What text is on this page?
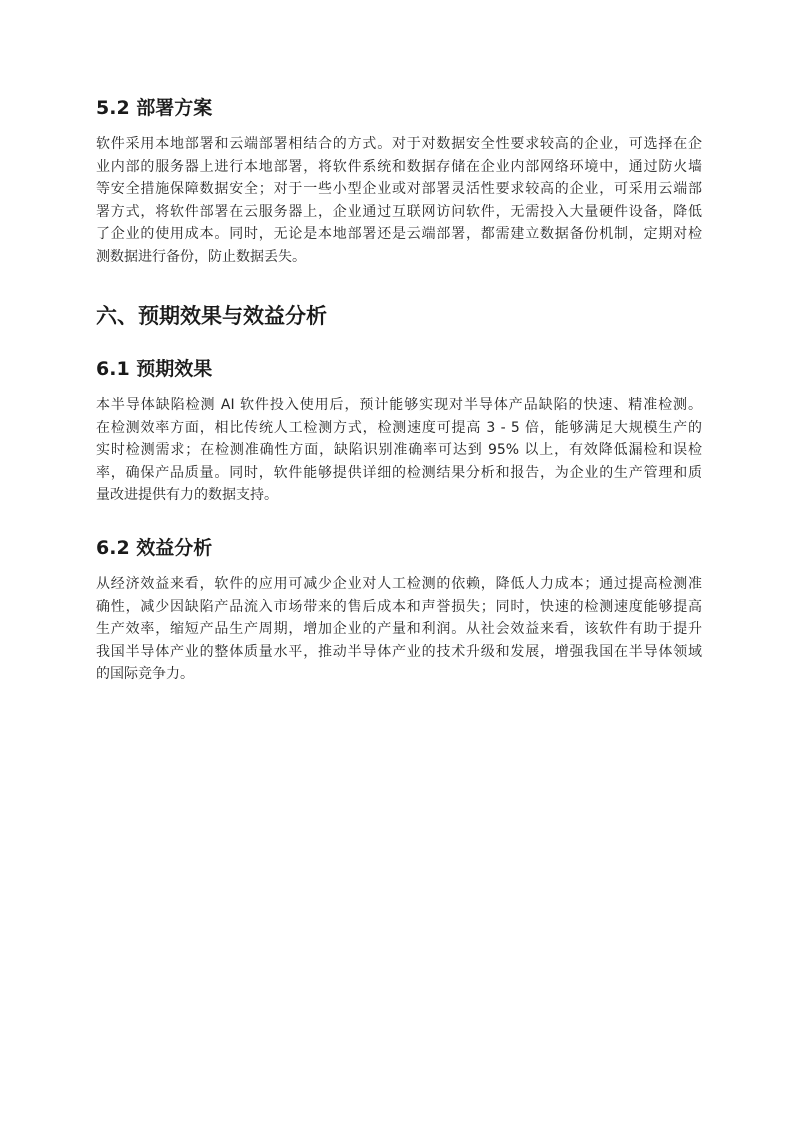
5.2 部署方案
软件采用本地部署和云端部署相结合的方式。对于对数据安全性要求较高的企业，可选择在企
业内部的服务器上进行本地部署，将软件系统和数据存储在企业内部网络环境中，通过防火墙
等安全措施保障数据安全；对于一些小型企业或对部署灵活性要求较高的企业，可采用云端部
署方式，将软件部署在云服务器上，企业通过互联网访问软件，无需投入大量硬件设备，降低
了企业的使用成本。同时，无论是本地部署还是云端部署，都需建立数据备份机制，定期对检
测数据进行备份，防止数据丢失。
六、预期效果与效益分析
6.1 预期效果
本半导体缺陷检测 AI 软件投入使用后，预计能够实现对半导体产品缺陷的快速、精准检测。
在检测效率方面，相比传统人工检测方式，检测速度可提高 3 - 5 倍，能够满足大规模生产的
实时检测需求；在检测准确性方面，缺陷识别准确率可达到 95% 以上，有效降低漏检和误检
率，确保产品质量。同时，软件能够提供详细的检测结果分析和报告，为企业的生产管理和质
量改进提供有力的数据支持。
6.2 效益分析
从经济效益来看，软件的应用可减少企业对人工检测的依赖，降低人力成本；通过提高检测准
确性，减少因缺陷产品流入市场带来的售后成本和声誉损失；同时，快速的检测速度能够提高
生产效率，缩短产品生产周期，增加企业的产量和利润。从社会效益来看，该软件有助于提升
我国半导体产业的整体质量水平，推动半导体产业的技术升级和发展，增强我国在半导体领域
的国际竞争力。
